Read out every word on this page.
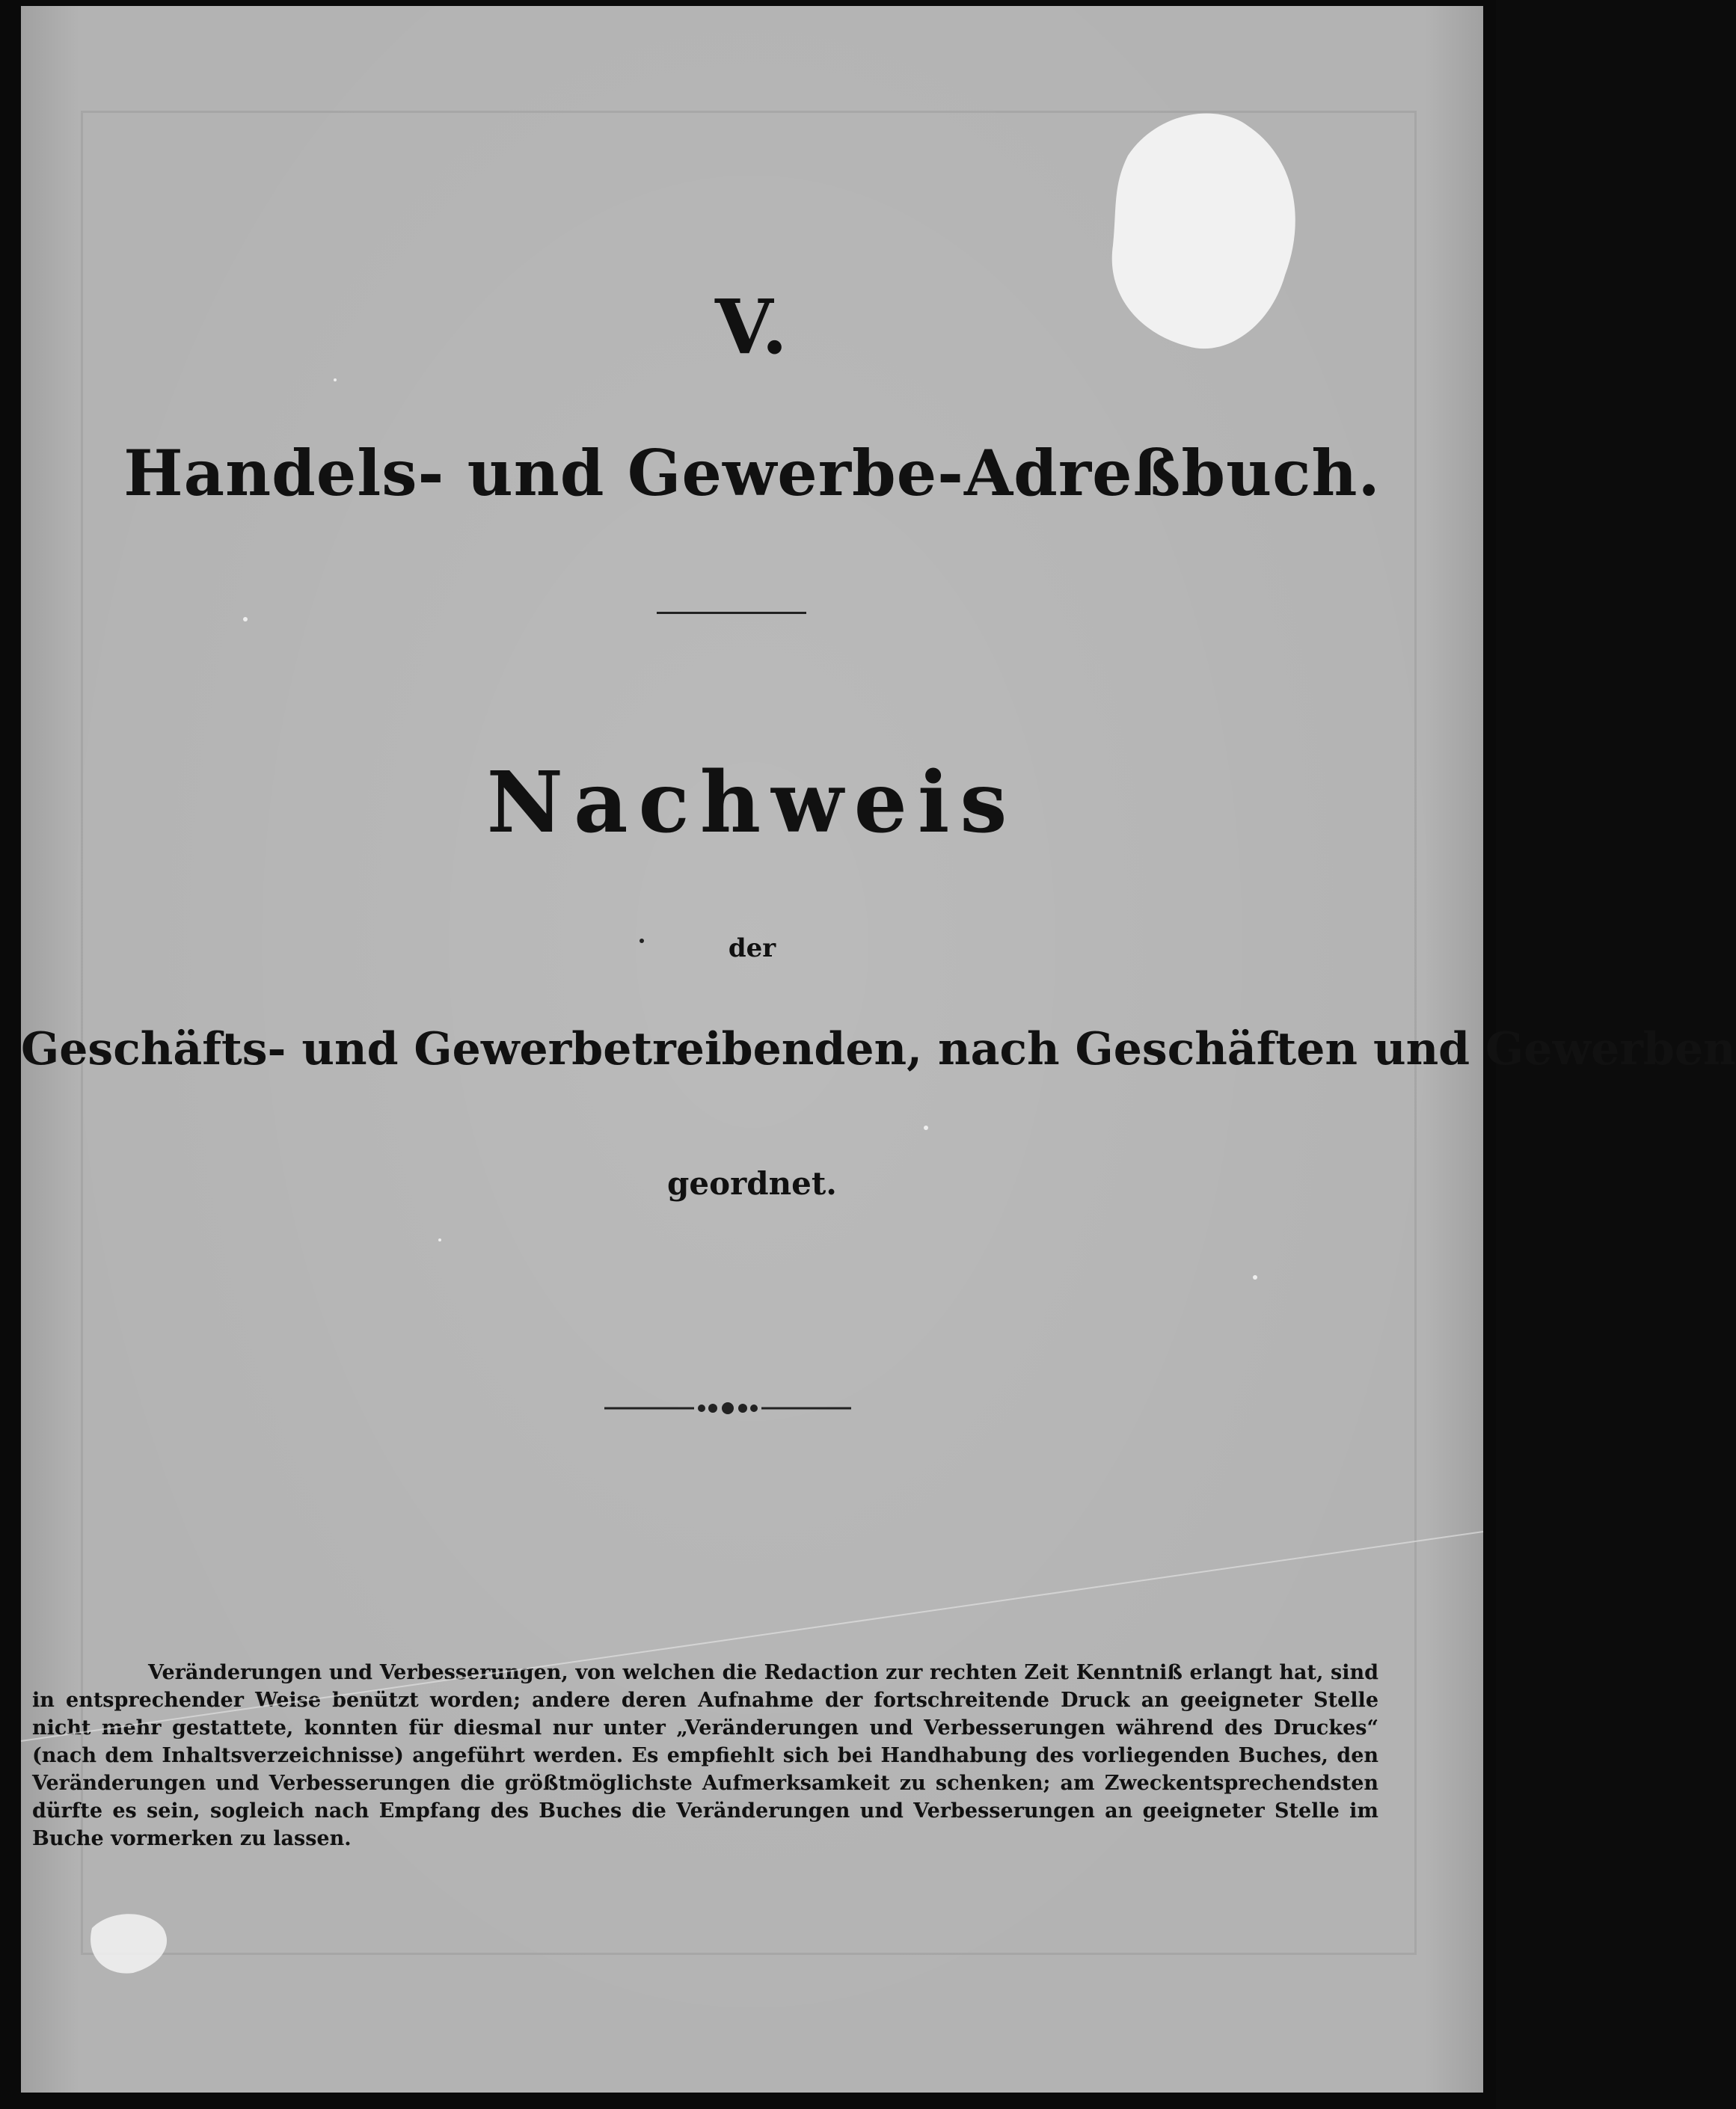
V.
Handels- und Gewerbe-Adreßbuch.
Nachweis
der
Geschäfts- und Gewerbetreibenden, nach Geschäften und Gewerben
geordnet.
Veränderungen und Verbesserungen, von welchen die Redaction zur rechten Zeit Kenntniß erlangt hat, sind in entsprechender Weise benützt worden; andere deren Aufnahme der fortschreitende Druck an geeigneter Stelle nicht mehr gestattete, konnten für diesmal nur unter „Veränderungen und Verbesserungen während des Druckes“ (nach dem Inhaltsverzeichnisse) angeführt werden. Es empfiehlt sich bei Handhabung des vorliegenden Buches, den Veränderungen und Verbesserungen die größtmöglichste Aufmerksamkeit zu schenken; am Zweckentsprechendsten dürfte es sein, sogleich nach Empfang des Buches die Veränderungen und Verbesserungen an geeigneter Stelle im Buche vormerken zu lassen.
